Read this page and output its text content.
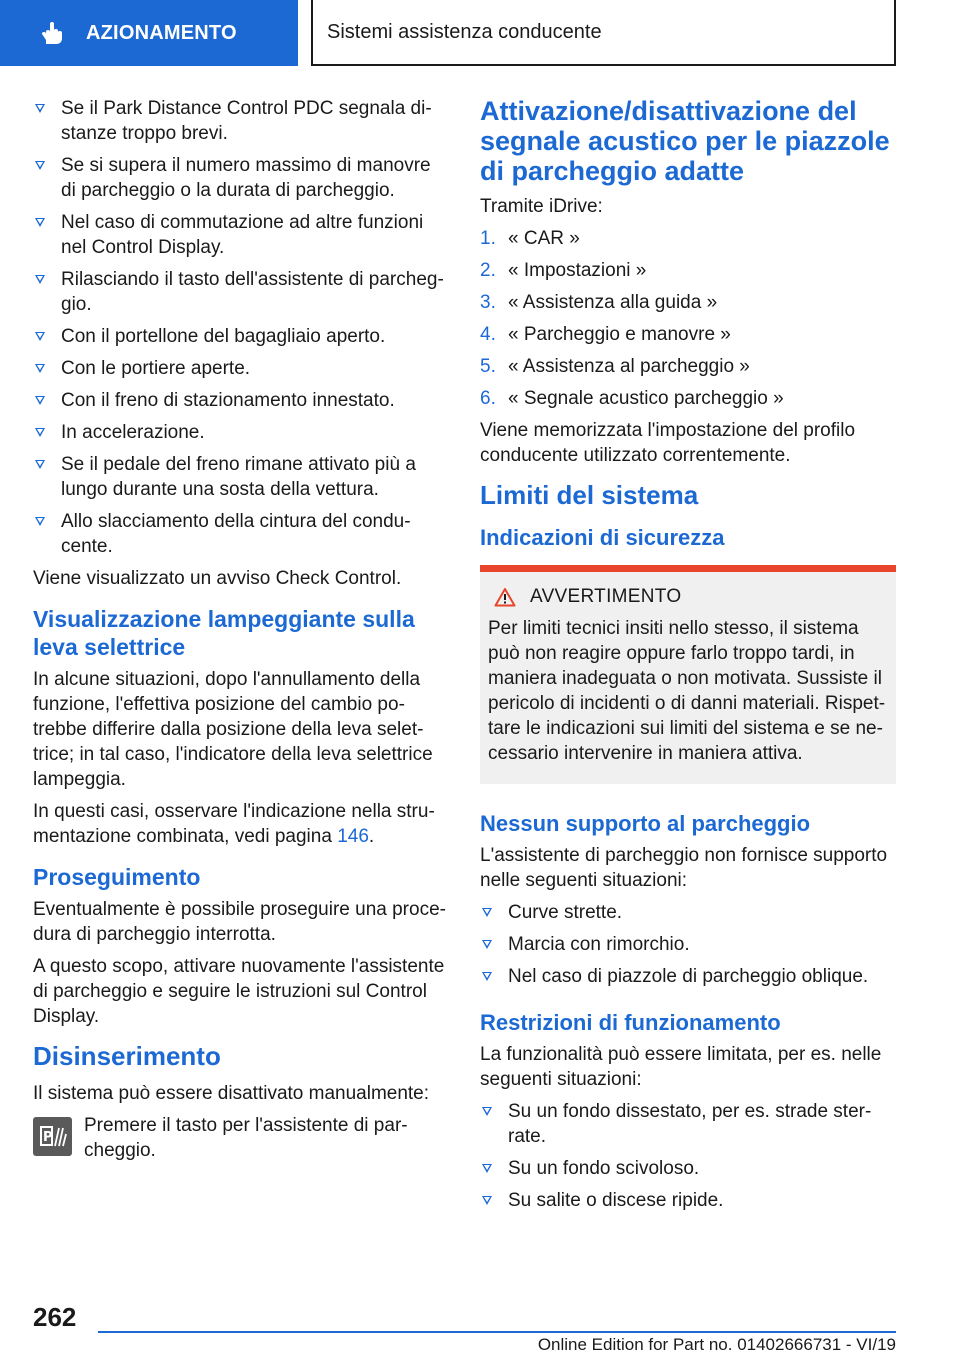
AZIONAMENTO	Sistemi assistenza conducente
Se il Park Distance Control PDC segnala distanze troppo brevi.
Se si supera il numero massimo di manovre di parcheggio o la durata di parcheggio.
Nel caso di commutazione ad altre funzioni nel Control Display.
Rilasciando il tasto dell'assistente di parcheggio.
Con il portellone del bagagliaio aperto.
Con le portiere aperte.
Con il freno di stazionamento innestato.
In accelerazione.
Se il pedale del freno rimane attivato più a lungo durante una sosta della vettura.
Allo slacciamento della cintura del conducente.

Viene visualizzato un avviso Check Control.

Visualizzazione lampeggiante sulla leva selettrice

In alcune situazioni, dopo l'annullamento della funzione, l'effettiva posizione del cambio potrebbe differire dalla posizione della leva selettrice; in tal caso, l'indicatore della leva selettrice lampeggia.

In questi casi, osservare l'indicazione nella strumentazione combinata, vedi pagina 146.

Proseguimento

Eventualmente è possibile proseguire una procedura di parcheggio interrotta.

A questo scopo, attivare nuovamente l'assistente di parcheggio e seguire le istruzioni sul Control Display.

Disinserimento

Il sistema può essere disattivato manualmente:

P

Premere il tasto per l'assistente di parcheggio.

Attivazione/disattivazione del segnale acustico per le piazzole di parcheggio adatte

Tramite iDrive:

1. « CAR »
2. « Impostazioni »
3. « Assistenza alla guida »
4. « Parcheggio e manovre »
5. « Assistenza al parcheggio »
6. « Segnale acustico parcheggio »

Viene memorizzata l'impostazione del profilo conducente utilizzato correntemente.

Limiti del sistema
Indicazioni di sicurezza
AVVERTIMENTO

Per limiti tecnici insiti nello stesso, il sistema può non reagire oppure farlo troppo tardi, in maniera inadeguata o non motivata. Sussiste il pericolo di incidenti o di danni materiali. Rispettare le indicazioni sui limiti del sistema e se necessario intervenire in maniera attiva.

Nessun supporto al parcheggio

L'assistente di parcheggio non fornisce supporto nelle seguenti situazioni:

Curve strette.
Marcia con rimorchio.
Nel caso di piazzole di parcheggio oblique.
Restrizioni di funzionamento

La funzionalità può essere limitata, per es. nelle seguenti situazioni:

Su un fondo dissestato, per es. strade sterrate.
Su un fondo scivoloso.
Su salite o discese ripide.
262
Online Edition for Part no. 01402666731 - VI/19
